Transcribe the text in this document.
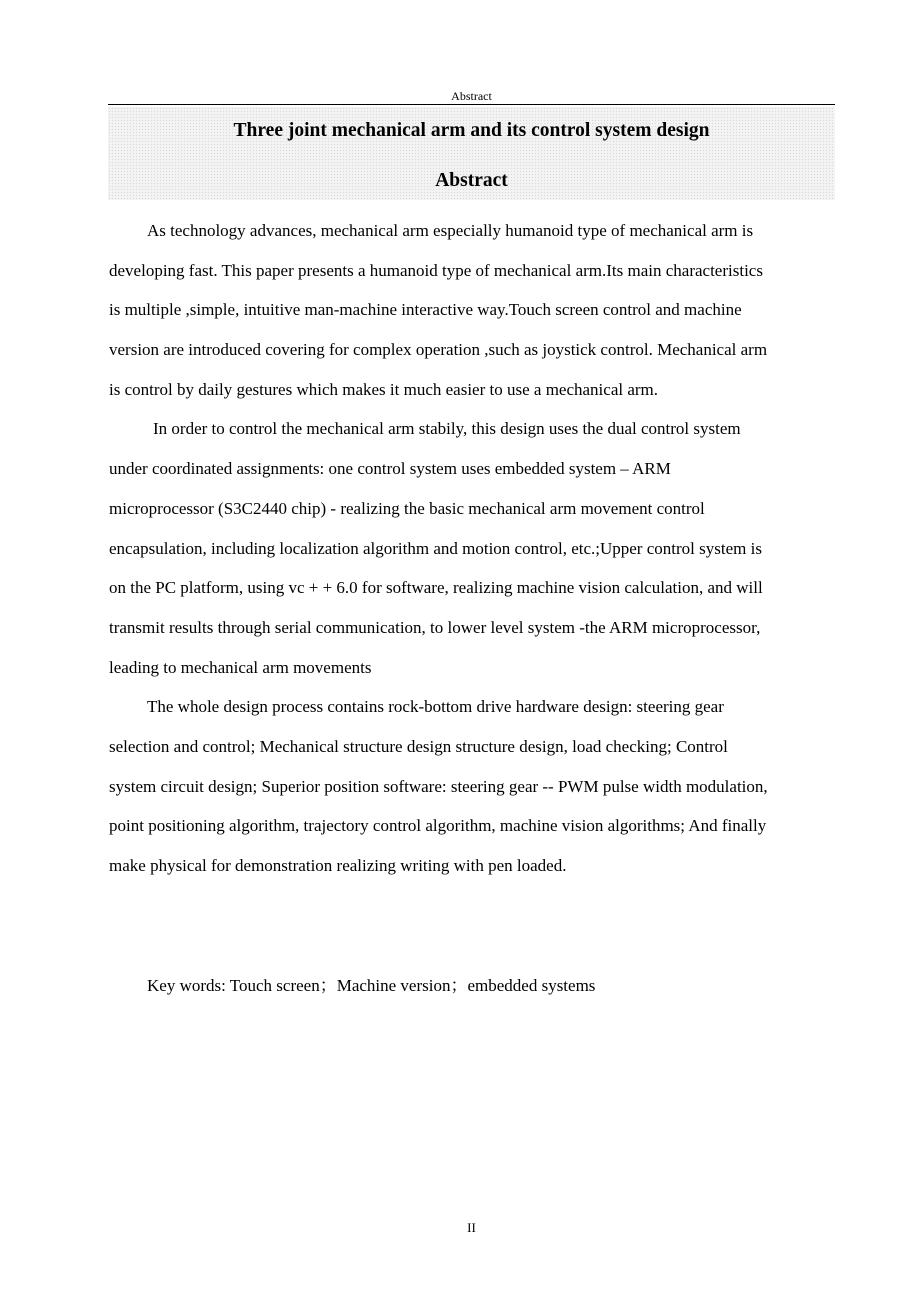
Abstract
Three joint mechanical arm and its control system design
Abstract

As technology advances, mechanical arm especially humanoid type of mechanical arm is
developing fast. This paper presents a humanoid type of mechanical arm.Its main characteristics
is multiple ,simple, intuitive man-machine interactive way.Touch screen control and machine
version are introduced covering for complex operation ,such as joystick control. Mechanical arm
is control by daily gestures which makes it much easier to use a mechanical arm.

In order to control the mechanical arm stabily, this design uses the dual control system
under coordinated assignments: one control system uses embedded system – ARM
microprocessor (S3C2440 chip) - realizing the basic mechanical arm movement control
encapsulation, including localization algorithm and motion control, etc.;Upper control system is
on the PC platform, using vc + + 6.0 for software, realizing machine vision calculation, and will
transmit results through serial communication, to lower level system -the ARM microprocessor,
leading to mechanical arm movements

The whole design process contains rock-bottom drive hardware design: steering gear
selection and control; Mechanical structure design structure design, load checking; Control
system circuit design; Superior position software: steering gear -- PWM pulse width modulation,
point positioning algorithm, trajectory control algorithm, machine vision algorithms; And finally
make physical for demonstration realizing writing with pen loaded.

Key words: Touch screen；Machine version；embedded systems
II
